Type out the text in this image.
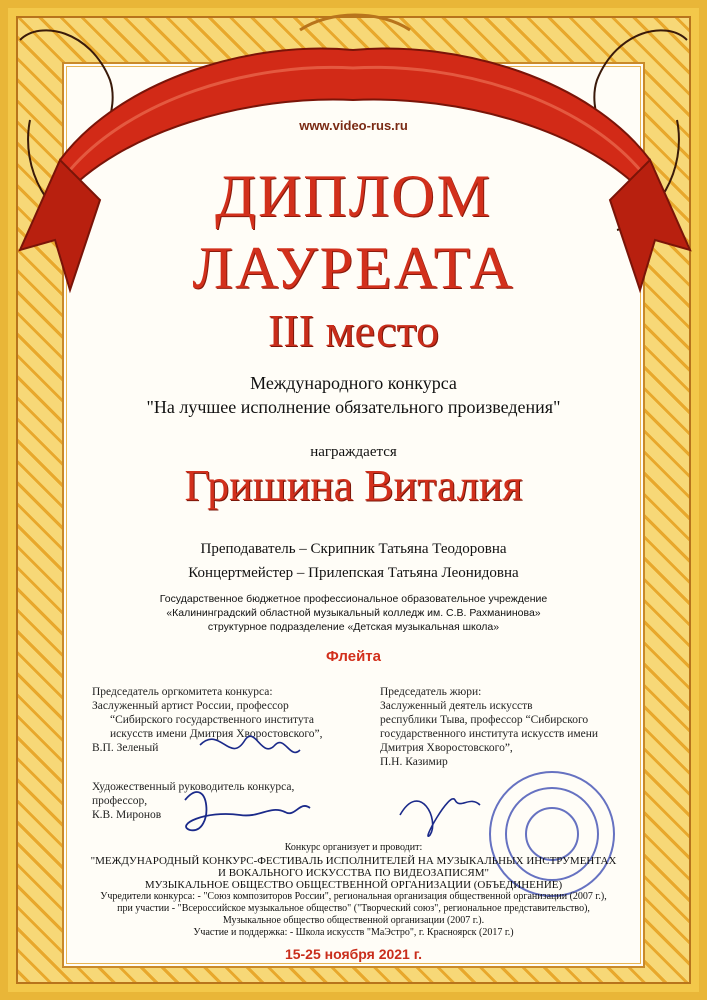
www.video-rus.ru

ДИПЛОМ

ЛАУРЕАТА

III место

Международного конкурса

"На лучшее исполнение обязательного произведения"

награждается

Гришина Виталия

Преподаватель – Скрипник Татьяна Теодоровна

Концертмейстер – Прилепская Татьяна Леонидовна

Государственное бюджетное профессиональное образовательное учреждение

«Калининградский областной музыкальный колледж им. С.В. Рахманинова»

структурное подразделение «Детская музыкальная школа»

Флейта

Председатель оргкомитета конкурса:
Заслуженный артист России, профессор
“Сибирского государственного института
искусств имени Дмитрия Хворостовского”,
В.П. Зеленый
Художественный руководитель конкурса,
профессор,
К.В. Миронов
Председатель жюри:
Заслуженный деятель искусств
республики Тыва, профессор “Сибирского
государственного института искусств имени
Дмитрия Хворостовского”,
П.Н. Казимир

Конкурс организует и проводит:

"МЕЖДУНАРОДНЫЙ КОНКУРС-ФЕСТИВАЛЬ ИСПОЛНИТЕЛЕЙ НА МУЗЫКАЛЬНЫХ ИНСТРУМЕНТАХ

И ВОКАЛЬНОГО ИСКУССТВА ПО ВИДЕОЗАПИСЯМ"

МУЗЫКАЛЬНОЕ ОБЩЕСТВО ОБЩЕСТВЕННОЙ ОРГАНИЗАЦИИ (ОБЪЕДИНЕНИЕ)

Учредители конкурса: - "Союз композиторов России", региональная организация общественной организации (2007 г.),

при участии - "Всероссийское музыкальное общество" ("Творческий союз", региональное представительство),

Музыкальное общество общественной организации (2007 г.).

Участие и поддержка: - Школа искусств "МаЭстро", г. Красноярск (2017 г.)

15-25 ноября 2021 г.
